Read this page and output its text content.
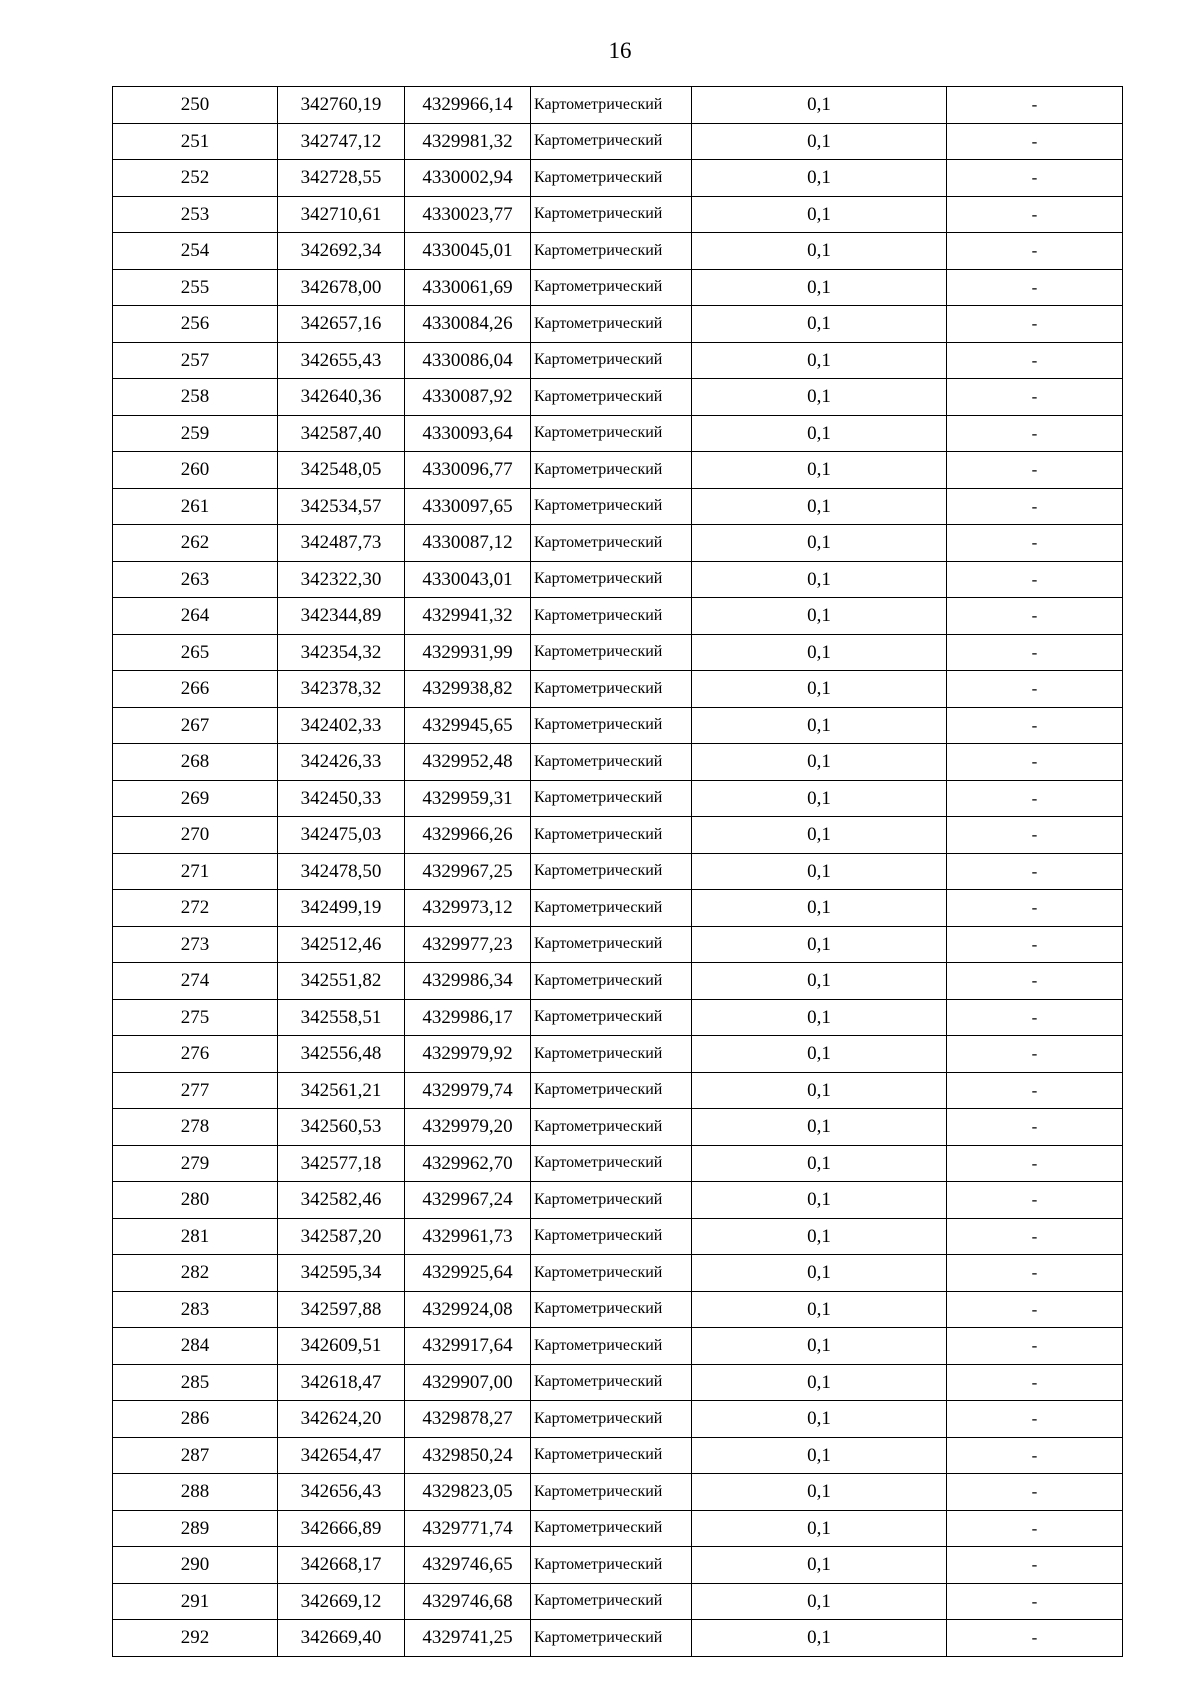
16
250	342760,19	4329966,14	Картометрический	0,1	-
251	342747,12	4329981,32	Картометрический	0,1	-
252	342728,55	4330002,94	Картометрический	0,1	-
253	342710,61	4330023,77	Картометрический	0,1	-
254	342692,34	4330045,01	Картометрический	0,1	-
255	342678,00	4330061,69	Картометрический	0,1	-
256	342657,16	4330084,26	Картометрический	0,1	-
257	342655,43	4330086,04	Картометрический	0,1	-
258	342640,36	4330087,92	Картометрический	0,1	-
259	342587,40	4330093,64	Картометрический	0,1	-
260	342548,05	4330096,77	Картометрический	0,1	-
261	342534,57	4330097,65	Картометрический	0,1	-
262	342487,73	4330087,12	Картометрический	0,1	-
263	342322,30	4330043,01	Картометрический	0,1	-
264	342344,89	4329941,32	Картометрический	0,1	-
265	342354,32	4329931,99	Картометрический	0,1	-
266	342378,32	4329938,82	Картометрический	0,1	-
267	342402,33	4329945,65	Картометрический	0,1	-
268	342426,33	4329952,48	Картометрический	0,1	-
269	342450,33	4329959,31	Картометрический	0,1	-
270	342475,03	4329966,26	Картометрический	0,1	-
271	342478,50	4329967,25	Картометрический	0,1	-
272	342499,19	4329973,12	Картометрический	0,1	-
273	342512,46	4329977,23	Картометрический	0,1	-
274	342551,82	4329986,34	Картометрический	0,1	-
275	342558,51	4329986,17	Картометрический	0,1	-
276	342556,48	4329979,92	Картометрический	0,1	-
277	342561,21	4329979,74	Картометрический	0,1	-
278	342560,53	4329979,20	Картометрический	0,1	-
279	342577,18	4329962,70	Картометрический	0,1	-
280	342582,46	4329967,24	Картометрический	0,1	-
281	342587,20	4329961,73	Картометрический	0,1	-
282	342595,34	4329925,64	Картометрический	0,1	-
283	342597,88	4329924,08	Картометрический	0,1	-
284	342609,51	4329917,64	Картометрический	0,1	-
285	342618,47	4329907,00	Картометрический	0,1	-
286	342624,20	4329878,27	Картометрический	0,1	-
287	342654,47	4329850,24	Картометрический	0,1	-
288	342656,43	4329823,05	Картометрический	0,1	-
289	342666,89	4329771,74	Картометрический	0,1	-
290	342668,17	4329746,65	Картометрический	0,1	-
291	342669,12	4329746,68	Картометрический	0,1	-
292	342669,40	4329741,25	Картометрический	0,1	-
